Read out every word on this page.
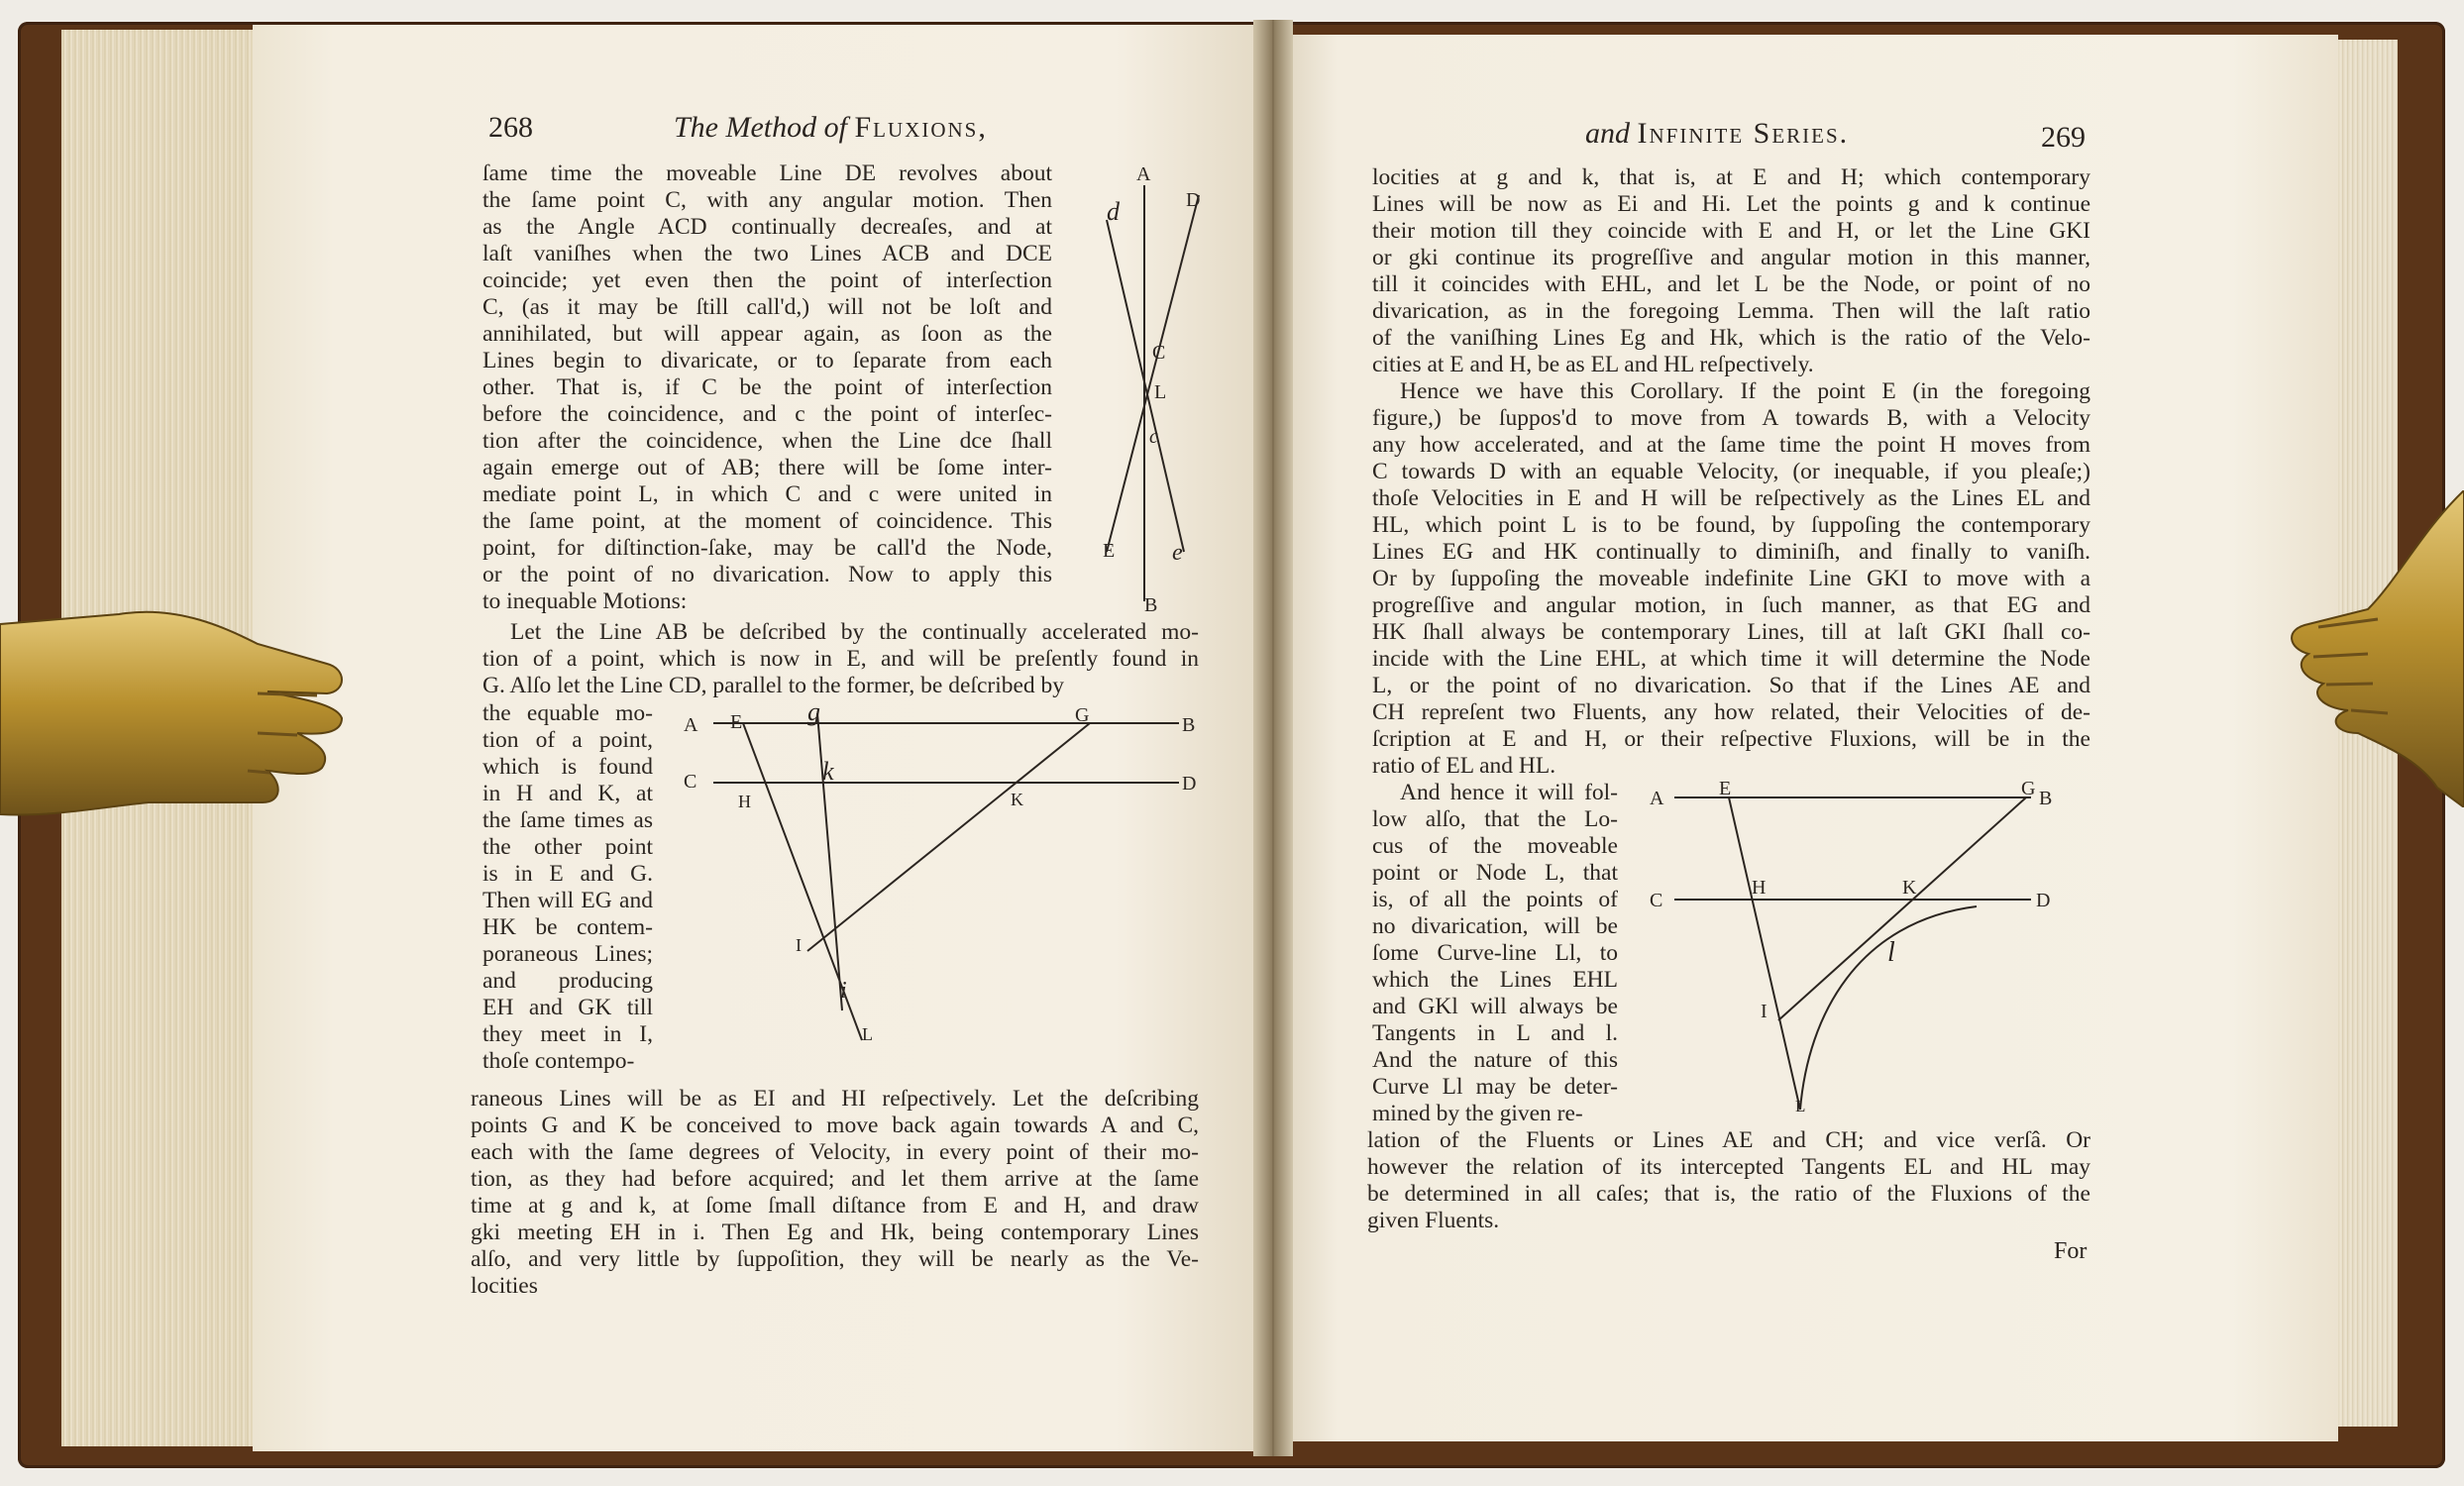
268	The Method of Fluxions,

ſame time the moveable Line DE revolves about

the ſame point C, with any angular motion. Then

as the Angle ACD continually decreaſes, and at

laſt vaniſhes when the two Lines ACB and DCE

coincide; yet even then the point of interſection

C, (as it may be ſtill call'd,) will not be loſt and

annihilated, but will appear again, as ſoon as the

Lines begin to divaricate, or to ſeparate from each

other. That is, if C be the point of interſection

before the coincidence, and c the point of interſec-

tion after the coincidence, when the Line dce ſhall

again emerge out of AB; there will be ſome inter-

mediate point L, in which C and c were united in

the ſame point, at the moment of coincidence. This

point, for diſtinction-ſake, may be call'd the Node,

or the point of no divarication. Now to apply this

to inequable Motions:

Let the Line AB be deſcribed by the continually accelerated mo-

tion of a point, which is now in E, and will be preſently found in

G. Alſo let the Line CD, parallel to the former, be deſcribed by

the equable mo-

tion of a point,

which is found

in H and K, at

the ſame times as

the other point

is in E and G.

Then will EG and

HK be contem-

poraneous Lines;

and producing

EH and GK till

they meet in I,

thoſe contempo-

raneous Lines will be as EI and HI reſpectively. Let the deſcribing

points G and K be conceived to move back again towards A and C,

each with the ſame degrees of Velocity, in every point of their mo-

tion, as they had before acquired; and let them arrive at the ſame

time at g and k, at ſome ſmall diſtance from E and H, and draw

gki meeting EH in i. Then Eg and Hk, being contemporary Lines

alſo, and very little by ſuppoſition, they will be nearly as the Ve-

locities

A
D
d
C
L
c
E e
B
A E	g	G	B
C	k	D
H	K
I
i
L
and Infinite Series.	269

locities at g and k, that is, at E and H; which contemporary

Lines will be now as Ei and Hi. Let the points g and k continue

their motion till they coincide with E and H, or let the Line GKI

or gki continue its progreſſive and angular motion in this manner,

till it coincides with EHL, and let L be the Node, or point of no

divarication, as in the foregoing Lemma. Then will the laſt ratio

of the vaniſhing Lines Eg and Hk, which is the ratio of the Velo-

cities at E and H, be as EL and HL reſpectively.

Hence we have this Corollary. If the point E (in the foregoing

figure,) be ſuppos'd to move from A towards B, with a Velocity

any how accelerated, and at the ſame time the point H moves from

C towards D with an equable Velocity, (or inequable, if you pleaſe;)

thoſe Velocities in E and H will be reſpectively as the Lines EL and

HL, which point L is to be found, by ſuppoſing the contemporary

Lines EG and HK continually to diminiſh, and finally to vaniſh.

Or by ſuppoſing the moveable indefinite Line GKI to move with a

progreſſive and angular motion, in ſuch manner, as that EG and

HK ſhall always be contemporary Lines, till at laſt GKI ſhall co-

incide with the Line EHL, at which time it will determine the Node

L, or the point of no divarication. So that if the Lines AE and

CH repreſent two Fluents, any how related, their Velocities of de-

ſcription at E and H, or their reſpective Fluxions, will be in the

ratio of EL and HL.

And hence it will fol-

low alſo, that the Lo-

cus of the moveable

point or Node L, that

is, of all the points of

no divarication, will be

ſome Curve-line Ll, to

which the Lines EHL

and GKl will always be

Tangents in L and l.

And the nature of this

Curve Ll may be deter-

mined by the given re-

lation of the Fluents or Lines AE and CH; and vice verſâ. Or

however the relation of its intercepted Tangents EL and HL may

be determined in all caſes; that is, the ratio of the Fluxions of the

given Fluents.

For
A	E	G B
C
H	K
D
l
I
L
